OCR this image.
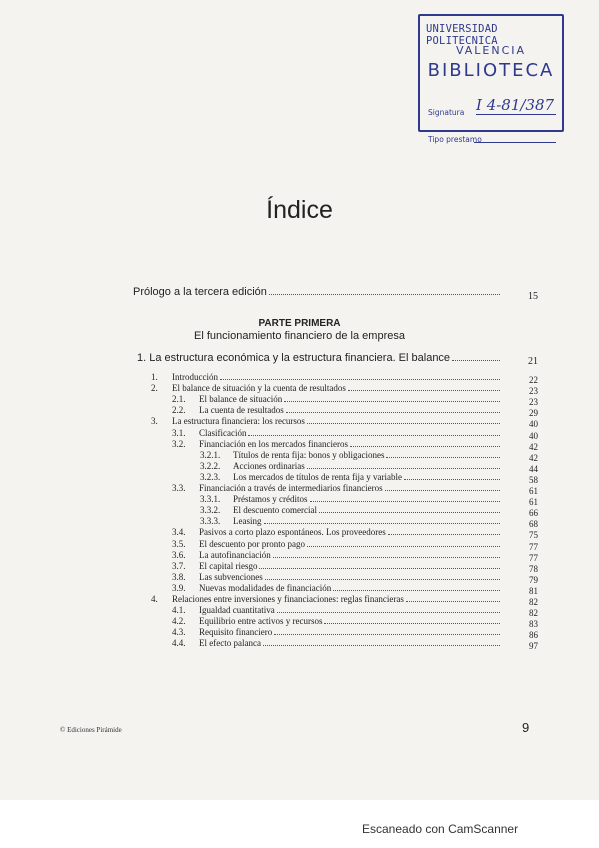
UNIVERSIDAD POLITECNICA
VALENCIA
BIBLIOTECA
Signatura I 4-81/387
Tipo prestamo
Índice
Prólogo a la tercera edición	15
PARTE PRIMERA
El funcionamiento financiero de la empresa
1. La estructura económica y la estructura financiera. El balance	21
1. Introducción	22
2. El balance de situación y la cuenta de resultados	23
2.1. El balance de situación	23
2.2. La cuenta de resultados	29
3. La estructura financiera: los recursos	40
3.1. Clasificación	40
3.2. Financiación en los mercados financieros	42
3.2.1. Títulos de renta fija: bonos y obligaciones	42
3.2.2. Acciones ordinarias	44
3.2.3. Los mercados de títulos de renta fija y variable	58
3.3. Financiación a través de intermediarios financieros	61
3.3.1. Préstamos y créditos	61
3.3.2. El descuento comercial	66
3.3.3. Leasing	68
3.4. Pasivos a corto plazo espontáneos. Los proveedores	75
3.5. El descuento por pronto pago	77
3.6. La autofinanciación	77
3.7. El capital riesgo	78
3.8. Las subvenciones	79
3.9. Nuevas modalidades de financiación	81
4. Relaciones entre inversiones y financiaciones: reglas financieras	82
4.1. Igualdad cuantitativa	82
4.2. Equilibrio entre activos y recursos	83
4.3. Requisito financiero	86
4.4. El efecto palanca	97
© Ediciones Pirámide	9
Escaneado con CamScanner
